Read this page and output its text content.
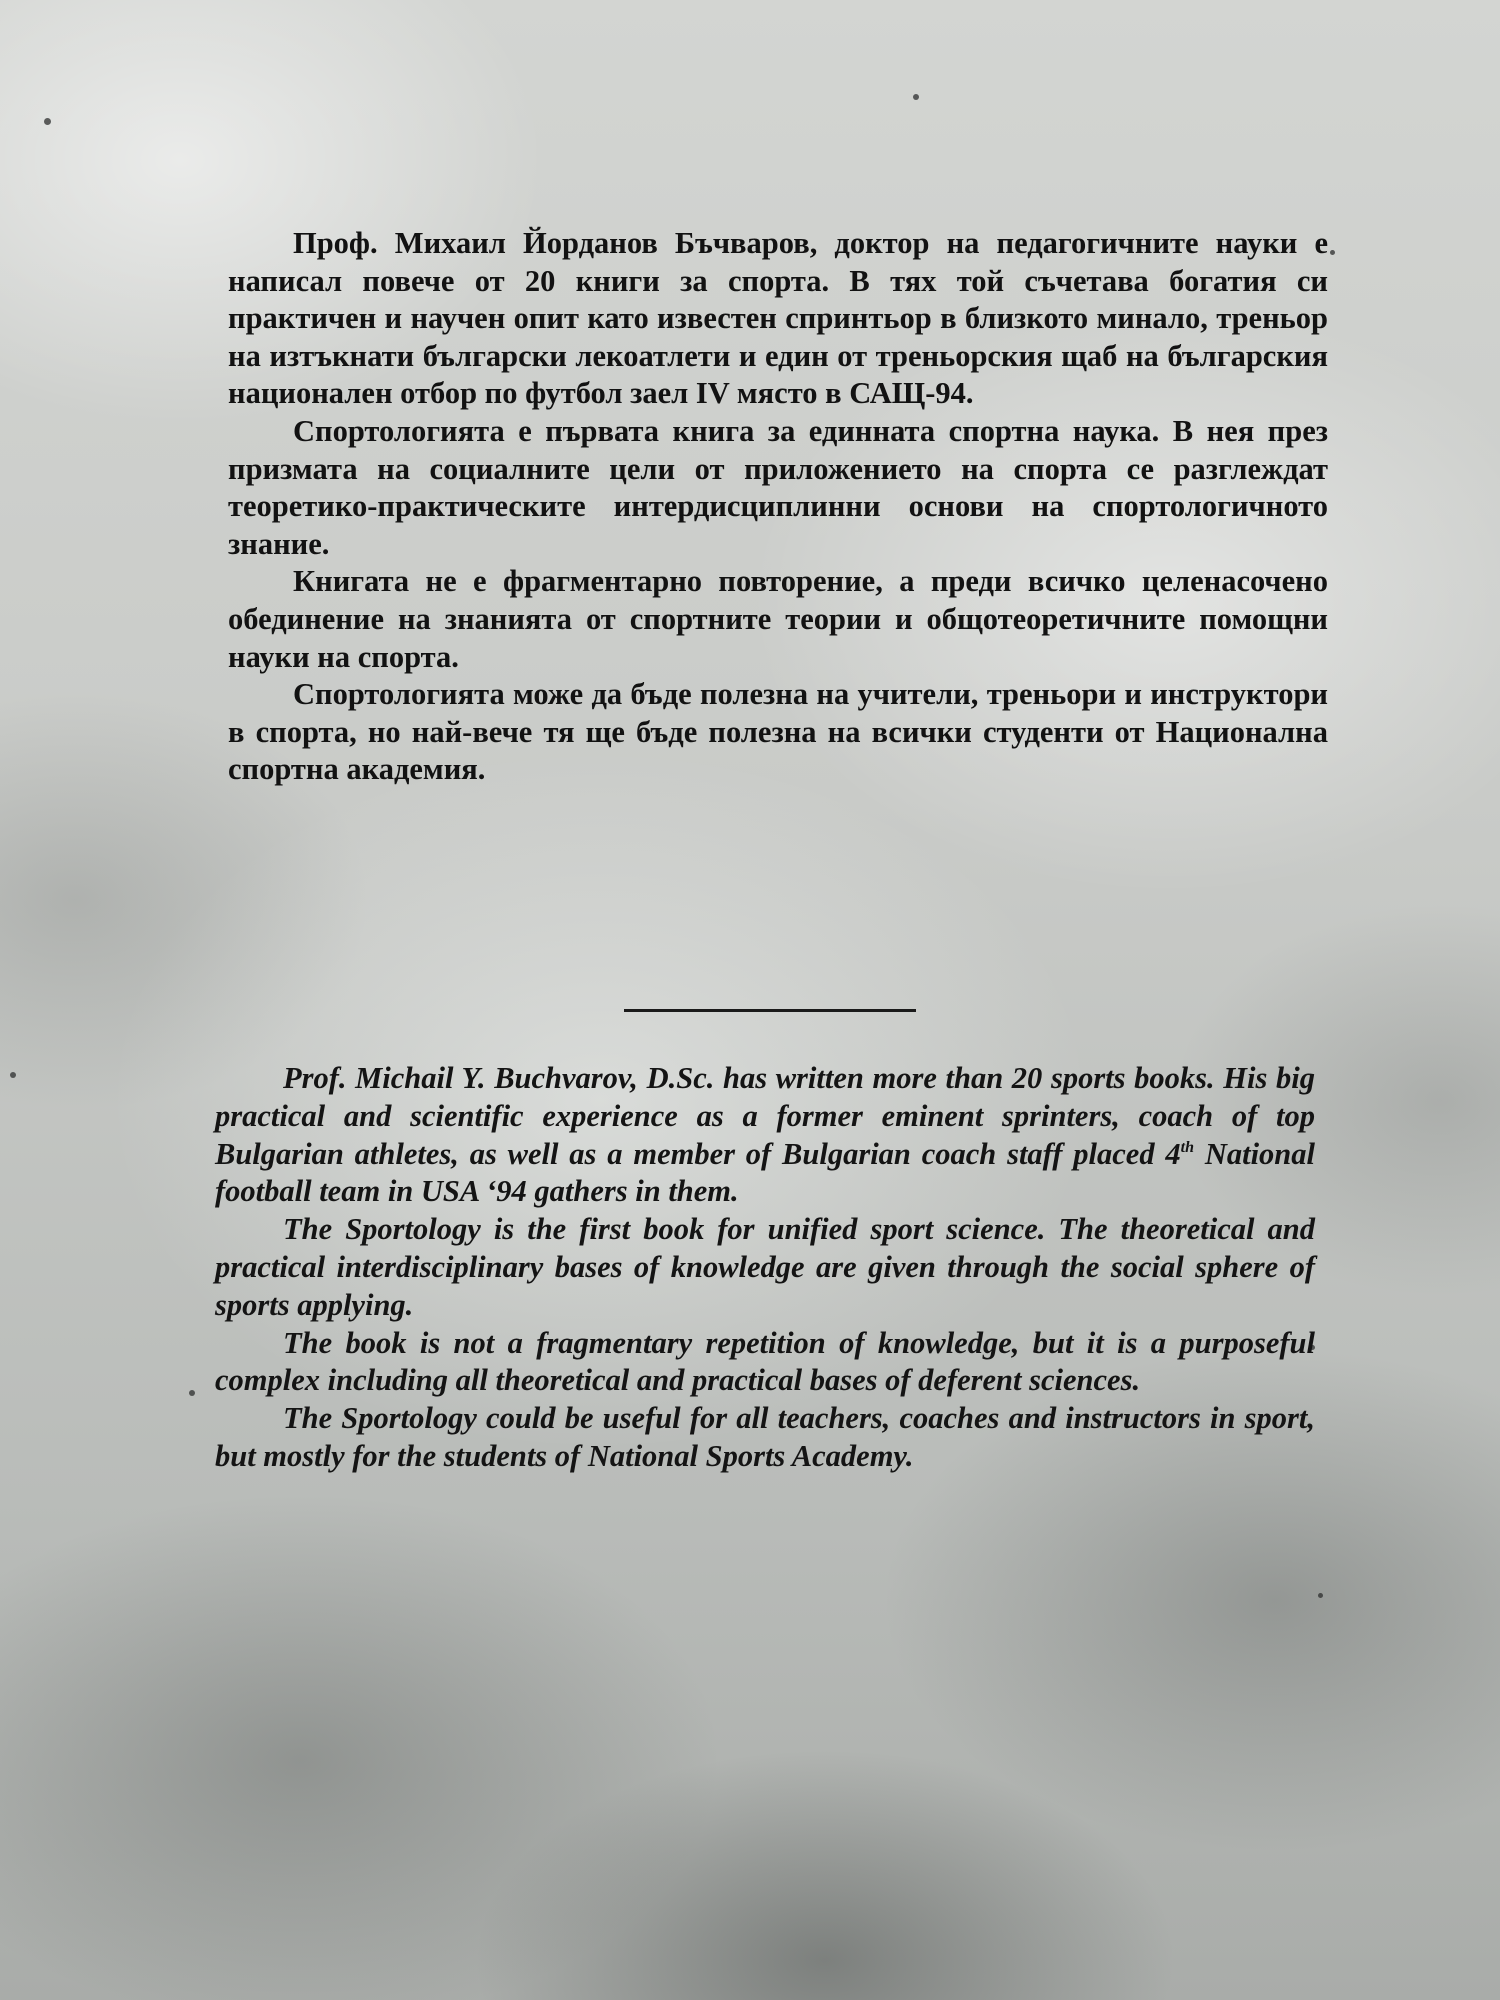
Проф. Михаил Йорданов Бъчваров, доктор на педагогичните науки е написал повече от 20 книги за спорта. В тях той съчетава богатия си практичен и научен опит като известен спринтьор в близкото минало, треньор на изтъкнати български лекоатлети и един от треньорския щаб на българския национален отбор по футбол заел IV място в САЩ-94.

Спортологията е първата книга за единната спортна наука. В нея през призмата на социалните цели от приложението на спорта се разглеждат теоретико-практическите интердисциплинни основи на спортологичното знание.

Книгата не е фрагментарно повторение, а преди всичко целенасочено обединение на знанията от спортните теории и общотеоретичните помощни науки на спорта.

Спортологията може да бъде полезна на учители, треньори и инструктори в спорта, но най-вече тя ще бъде полезна на всички студенти от Национална спортна академия.

Prof. Michail Y. Buchvarov, D.Sc. has written more than 20 sports books. His big practical and scientific experience as a former eminent sprinters, coach of top Bulgarian athletes, as well as a member of Bulgarian coach staff placed 4th National football team in USA ‘94 gathers in them.

The Sportology is the first book for unified sport science. The theoretical and practical interdisciplinary bases of knowledge are given through the social sphere of sports applying.

The book is not a fragmentary repetition of knowledge, but it is a purposeful complex including all theoretical and practical bases of deferent sciences.

The Sportology could be useful for all teachers, coaches and instructors in sport, but mostly for the students of National Sports Academy.
